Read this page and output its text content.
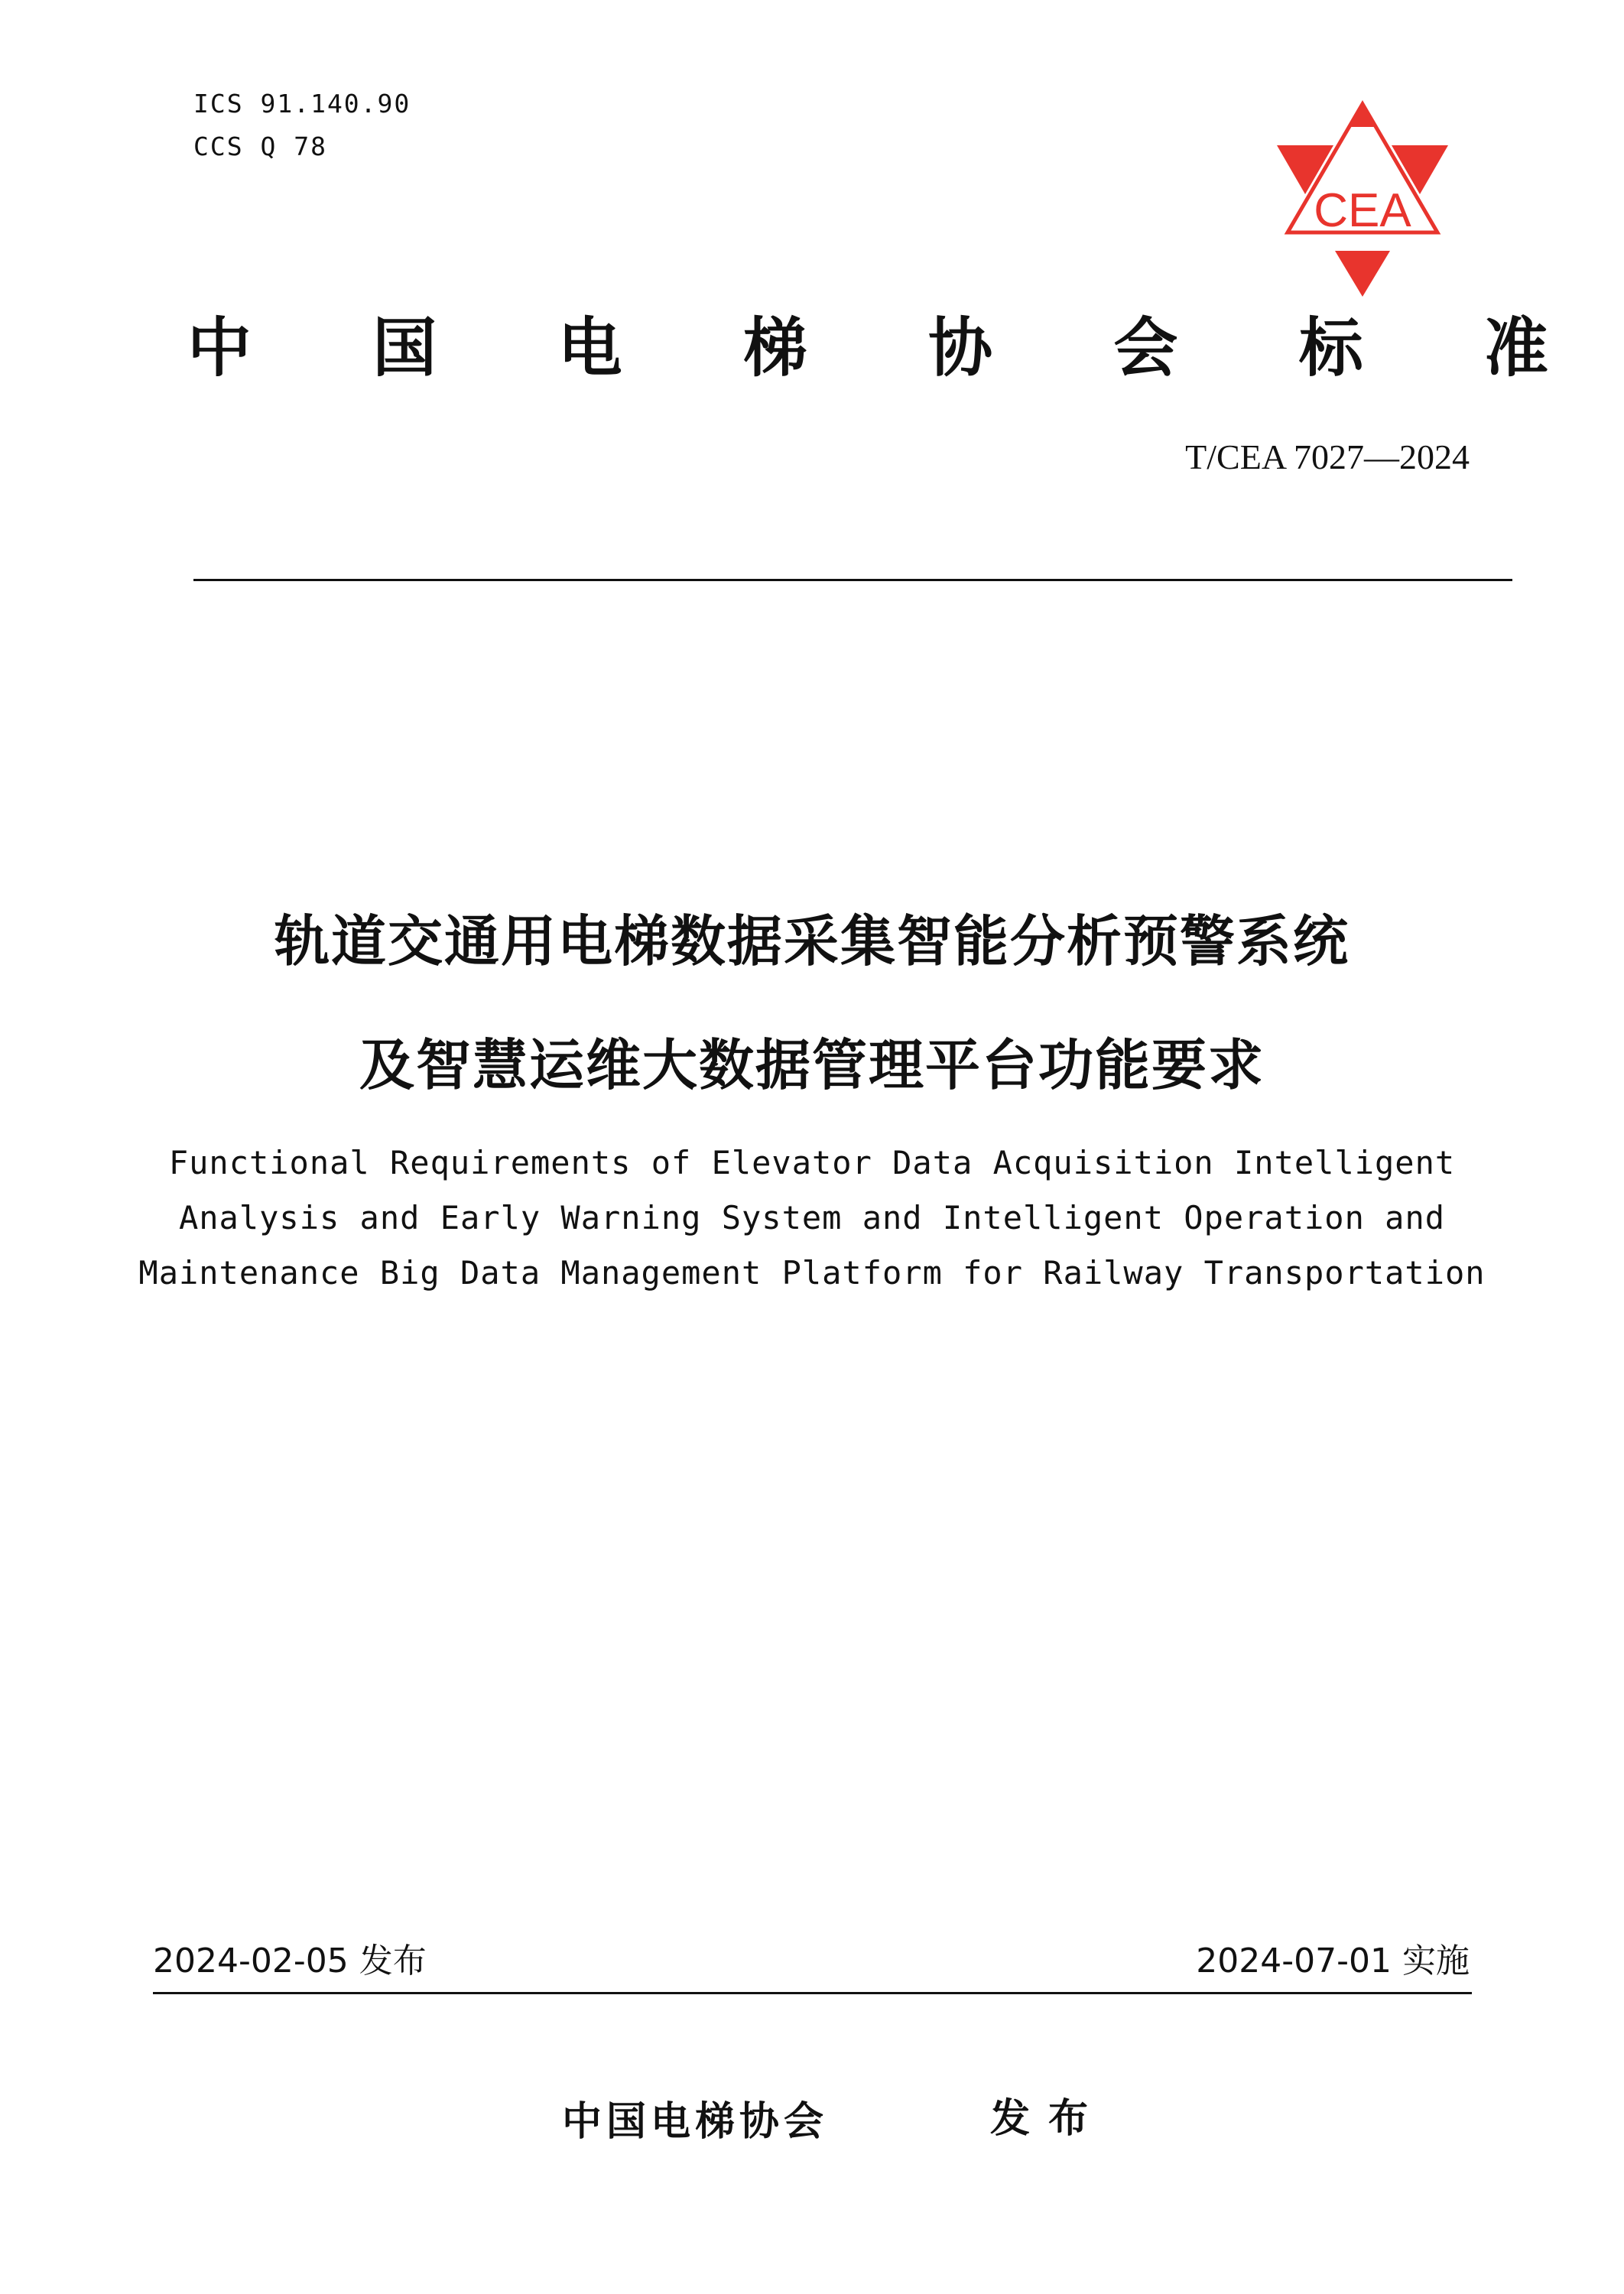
ICS 91.140.90
CCS Q 78
CEA
中 国 电 梯 协 会 标 准
T/CEA 7027—2024
轨道交通用电梯数据采集智能分析预警系统
及智慧运维大数据管理平台功能要求
Functional Requirements of Elevator Data Acquisition Intelligent
Analysis and Early Warning System and Intelligent Operation and
Maintenance Big Data Management Platform for Railway Transportation
2024-02-05 发布	2024-07-01 实施
中国电梯协会	发布
